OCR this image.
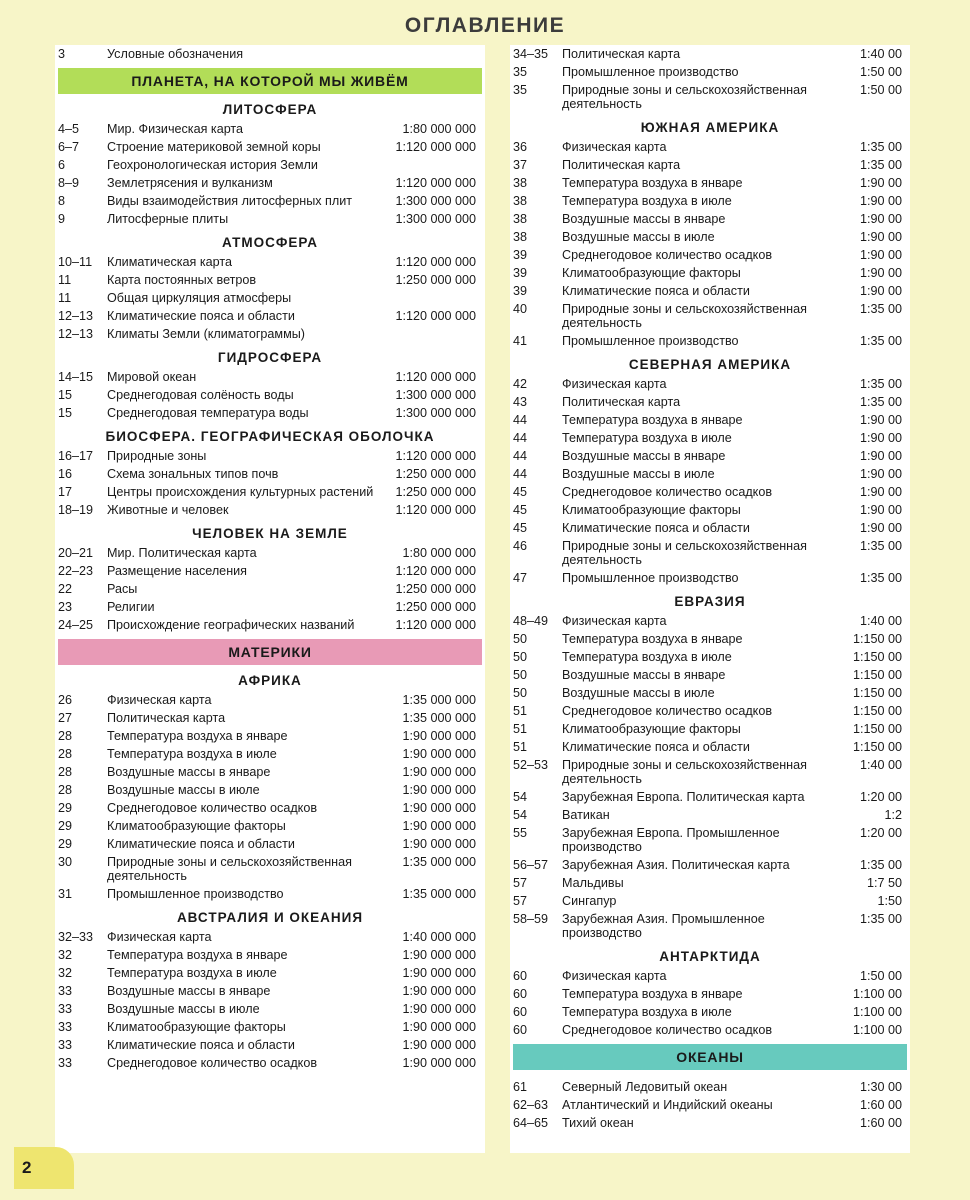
ОГЛАВЛЕНИЕ
3	Условные обозначения
ПЛАНЕТА, НА КОТОРОЙ МЫ ЖИВЁМ
ЛИТОСФЕРА
4–5 Мир. Физическая карта	1:80 000 000
6–7 Строение материковой земной коры	1:120 000 000
6	Геохронологическая история Земли
8–9 Землетрясения и вулканизм	1:120 000 000
8	Виды взаимодействия литосферных плит	1:300 000 000
9	Литосферные плиты	1:300 000 000
АТМОСФЕРА
10–11 Климатическая карта	1:120 000 000
11	Карта постоянных ветров	1:250 000 000
11	Общая циркуляция атмосферы
12–13 Климатические пояса и области	1:120 000 000
12–13 Климаты Земли (климатограммы)
ГИДРОСФЕРА
14–15 Мировой океан	1:120 000 000
15	Среднегодовая солёность воды	1:300 000 000
15	Среднегодовая температура воды	1:300 000 000
БИОСФЕРА. ГЕОГРАФИЧЕСКАЯ ОБОЛОЧКА
16–17 Природные зоны	1:120 000 000
16	Схема зональных типов почв	1:250 000 000
17	Центры происхождения культурных растений	1:250 000 000
18–19 Животные и человек	1:120 000 000
ЧЕЛОВЕК НА ЗЕМЛЕ
20–21 Мир. Политическая карта	1:80 000 000
22–23 Размещение населения	1:120 000 000
22	Расы	1:250 000 000
23	Религии	1:250 000 000
24–25 Происхождение географических названий	1:120 000 000
МАТЕРИКИ
АФРИКА
26	Физическая карта	1:35 000 000
27	Политическая карта	1:35 000 000
28	Температура воздуха в январе	1:90 000 000
28	Температура воздуха в июле	1:90 000 000
28	Воздушные массы в январе	1:90 000 000
28	Воздушные массы в июле	1:90 000 000
29	Среднегодовое количество осадков	1:90 000 000
29	Климатообразующие факторы	1:90 000 000
29	Климатические пояса и области	1:90 000 000
30	Природные зоны и сельскохозяйственная деятельность
1:35 000 000
31	Промышленное производство	1:35 000 000
АВСТРАЛИЯ И ОКЕАНИЯ
32–33 Физическая карта	1:40 000 000
32	Температура воздуха в январе	1:90 000 000
32	Температура воздуха в июле	1:90 000 000
33	Воздушные массы в январе	1:90 000 000
33	Воздушные массы в июле	1:90 000 000
33	Климатообразующие факторы	1:90 000 000
33	Климатические пояса и области	1:90 000 000
33	Среднегодовое количество осадков	1:90 000 000
34–35 Политическая карта	1:40 00
35	Промышленное производство	1:50 00
35	Природные зоны и сельскохозяйственная деятельность
1:50 00
ЮЖНАЯ АМЕРИКА
36	Физическая карта	1:35 00
37	Политическая карта	1:35 00
38	Температура воздуха в январе	1:90 00
38	Температура воздуха в июле	1:90 00
38	Воздушные массы в январе	1:90 00
38	Воздушные массы в июле	1:90 00
39	Среднегодовое количество осадков	1:90 00
39	Климатообразующие факторы	1:90 00
39	Климатические пояса и области	1:90 00
40	Природные зоны и сельскохозяйственная деятельность
1:35 00
41	Промышленное производство	1:35 00
СЕВЕРНАЯ АМЕРИКА
42	Физическая карта	1:35 00
43	Политическая карта	1:35 00
44	Температура воздуха в январе	1:90 00
44	Температура воздуха в июле	1:90 00
44	Воздушные массы в январе	1:90 00
44	Воздушные массы в июле	1:90 00
45	Среднегодовое количество осадков	1:90 00
45	Климатообразующие факторы	1:90 00
45	Климатические пояса и области	1:90 00
46	Природные зоны и сельскохозяйственная деятельность
1:35 00
47	Промышленное производство	1:35 00
ЕВРАЗИЯ
48–49 Физическая карта	1:40 00
50	Температура воздуха в январе	1:150 00
50	Температура воздуха в июле	1:150 00
50	Воздушные массы в январе	1:150 00
50	Воздушные массы в июле	1:150 00
51	Среднегодовое количество осадков	1:150 00
51	Климатообразующие факторы	1:150 00
51	Климатические пояса и области	1:150 00
52–53 Природные зоны и сельскохозяйственная деятельность
1:40 00
54	Зарубежная Европа. Политическая карта	1:20 00
54	Ватикан	1:2
55	Зарубежная Европа. Промышленное производство
1:20 00
56–57 Зарубежная Азия. Политическая карта	1:35 00
57	Мальдивы	1:7 50
57	Сингапур	1:50
58–59 Зарубежная Азия. Промышленное производство
1:35 00
АНТАРКТИДА
60	Физическая карта	1:50 00
60	Температура воздуха в январе	1:100 00
60	Температура воздуха в июле	1:100 00
60	Среднегодовое количество осадков	1:100 00
ОКЕАНЫ
61	Северный Ледовитый океан	1:30 00
62–63 Атлантический и Индийский океаны	1:60 00
64–65 Тихий океан	1:60 00
2
